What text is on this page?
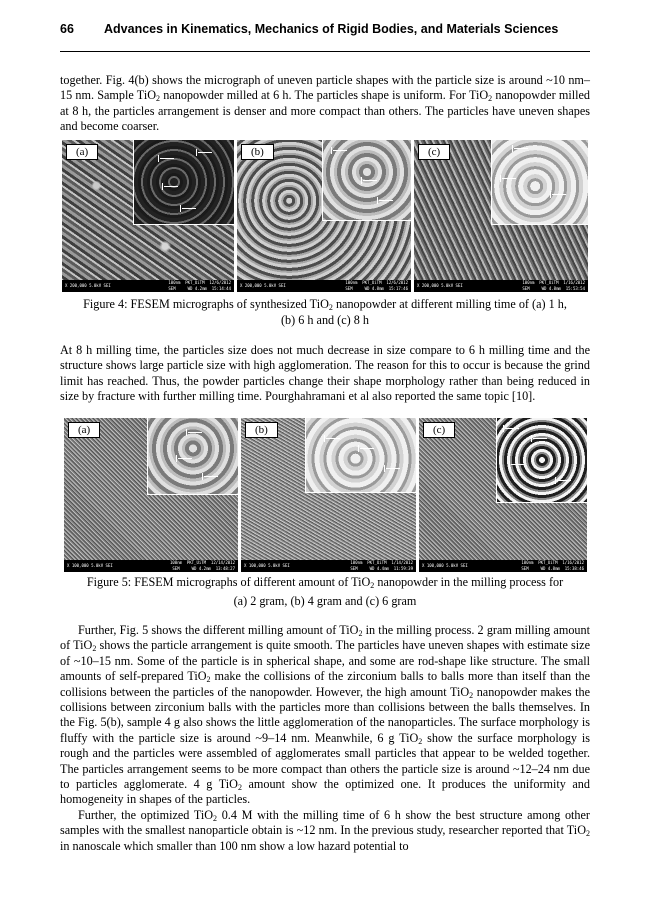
66 Advances in Kinematics, Mechanics of Rigid Bodies, and Materials Sciences

together. Fig. 4(b) shows the micrograph of uneven particle shapes with the particle size is around ~10 nm–15 nm. Sample TiO$_2$ nanopowder milled at 6 h. The particles shape is uniform. For TiO$_2$ nanopowder milled at 8 h, the particles arrangement is denser and more compact than others. The particles have uneven shapes and become coarser.

(a)
X 200,000 5.0kV SEI
100nm  PKT_UiTM  12/6/2012
SEM     WD 4.2mm  15:14:44
(b)
X 200,000 5.0kV SEI
100nm  PKT_UiTM  12/6/2012
SEM     WD 4.8mm  15:17:46
(c)
X 200,000 5.0kV SEI
100nm  PKT_UiTM  1/16/2012
SEM     WD 4.8mm  15:53:54
Figure 4: FESEM micrographs of synthesized TiO$_2$ nanopowder at different milling time of (a) 1 h,
(b) 6 h and (c) 8 h

At 8 h milling time, the particles size does not much decrease in size compare to 6 h milling time and the structure shows large particle size with high agglomeration. The reason for this to occur is because the grind limit has reached. Thus, the powder particles change their shape morphology rather than being reduced in size by fracture with further milling time. Pourghahramani et al also reported the same topic [10].

(a)
X 100,000 5.0kV SEI
100nm  PKT_UiTM  12/14/2012
SEM     WD 4.2mm  13:48:27
(b)
X 100,000 5.0kV SEI
100nm  PKT_UiTM  1/14/2012
SEM     WD 4.4mm  11:59:39
(c)
X 100,000 5.0kV SEI
100nm  PKT_UiTM  1/16/2012
SEM     WD 4.8mm  15:38:46
Figure 5: FESEM micrographs of different amount of TiO$_2$ nanopowder in the milling process for
(a) 2 gram, (b) 4 gram and (c) 6 gram

Further, Fig. 5 shows the different milling amount of TiO$_2$ in the milling process. 2 gram milling amount of TiO$_2$ shows the particle arrangement is quite smooth. The particles have uneven shapes with estimate size of ~10–15 nm. Some of the particle is in spherical shape, and some are rod-shape like structure. The small amounts of self-prepared TiO$_2$ make the collisions of the zirconium balls to balls more than itself than the collisions between the particles of the nanopowder. However, the high amount TiO$_2$ nanopowder makes the collisions between zirconium balls with the particles more than collisions between the balls themselves. In the Fig. 5(b), sample 4 g also shows the little agglomeration of the nanoparticles. The surface morphology is fluffy with the particle size is around ~9–14 nm. Meanwhile, 6 g TiO$_2$ show the surface morphology is rough and the particles were assembled of agglomerates small particles that appear to be welded together. The particles arrangement seems to be more compact than others the particle size is around ~12–24 nm due to particles agglomerate. 4 g TiO$_2$ amount show the optimized one. It produces the uniformity and homogeneity in shapes of the particles.

Further, the optimized TiO$_2$ 0.4 M with the milling time of 6 h show the best structure among other samples with the smallest nanoparticle obtain is ~12 nm. In the previous study, researcher reported that TiO$_2$ in nanoscale which smaller than 100 nm show a low hazard potential to
